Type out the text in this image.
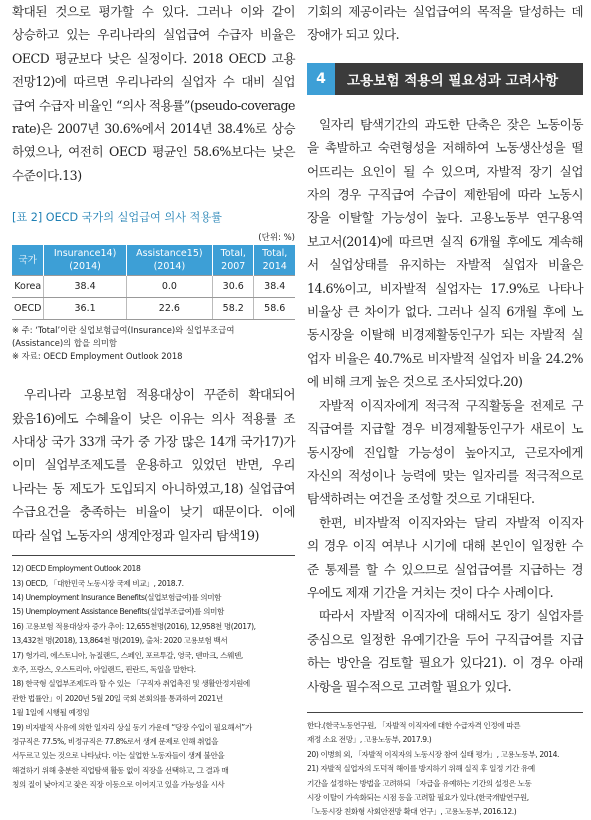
확대된 것으로 평가할 수 있다. 그러나 이와 같이
상승하고 있는 우리나라의 실업급여 수급자 비율은
OECD 평균보다 낮은 실정이다. 2018 OECD 고용
전망12)에 따르면 우리나라의 실업자 수 대비 실업
급여 수급자 비율인 “의사 적용률”(pseudo-coverage
rate)은 2007년 30.6%에서 2014년 38.4%로 상승
하였으나, 여전히 OECD 평균인 58.6%보다는 낮은
수준이다.13)
[표 2] OECD 국가의 실업급여 의사 적용률
(단위: %)
국가	Insurance14) (2014)	Assistance15) (2014)	Total, 2007	Total, 2014
Korea	38.4	0.0	30.6	38.4
OECD	36.1	22.6	58.2	58.6
※ 주: ‘Total’이란 실업보험급여(Insurance)와 실업부조급여
(Assistance)의 합을 의미함
※ 자료: OECD Employment Outlook 2018
우리나라 고용보험 적용대상이 꾸준히 확대되어
왔음16)에도 수혜율이 낮은 이유는 의사 적용률 조
사대상 국가 33개 국가 중 가장 많은 14개 국가17)가
이미 실업부조제도를 운용하고 있었던 반면, 우리
나라는 동 제도가 도입되지 아니하였고,18) 실업급여
수급요건을 충족하는 비율이 낮기 때문이다. 이에
따라 실업 노동자의 생계안정과 일자리 탐색19)
12) OECD Employment Outlook 2018
13) OECD, 「대한민국 노동시장 국제 비교」, 2018.7.
14) Unemployment Insurance Benefits(실업보험급여)를 의미함
15) Unemployment Assistance Benefits(실업부조급여)를 의미함
16) 고용보험 적용대상자 증가 추이: 12,655천명(2016), 12,958천 명(2017),
13,432천 명(2018), 13,864천 명(2019), 출처: 2020 고용보험 백서
17) 헝가리, 에스토니아, 뉴질랜드, 스페인, 포르투갈, 영국, 덴마크, 스웨덴,
호주, 프랑스, 오스트리아, 아일랜드, 핀란드, 독일을 말한다.
18) 한국형 실업부조제도라 할 수 있는 「구직자 취업촉진 및 생활안정지원에
관한 법률안」이 2020년 5월 20일 국회 본회의를 통과하여 2021년
1월 1일에 시행될 예정임
19) 비자발적 사유에 의한 일자리 상실 동기 가운데 “당장 수입이 필요해서”가
정규직은 77.5%, 비정규직은 77.8%로서 생계 문제로 인해 취업을
서두르고 있는 것으로 나타났다. 이는 실업한 노동자들이 생계 불안을
해결하기 위해 충분한 직업탐색 활동 없이 직장을 선택하고, 그 결과 매
칭의 질이 낮아지고 잦은 직장 이동으로 이어지고 있을 가능성을 시사
기회의 제공이라는 실업급여의 목적을 달성하는 데
장애가 되고 있다.
4	고용보험 적용의 필요성과 고려사항
일자리 탐색기간의 과도한 단축은 잦은 노동이동
을 촉발하고 숙련형성을 저해하여 노동생산성을 떨
어뜨리는 요인이 될 수 있으며, 자발적 장기 실업
자의 경우 구직급여 수급이 제한됨에 따라 노동시
장을 이탈할 가능성이 높다. 고용노동부 연구용역
보고서(2014)에 따르면 실직 6개월 후에도 계속해
서 실업상태를 유지하는 자발적 실업자 비율은
14.6%이고, 비자발적 실업자는 17.9%로 나타나
비율상 큰 차이가 없다. 그러나 실직 6개월 후에 노
동시장을 이탈해 비경제활동인구가 되는 자발적 실
업자 비율은 40.7%로 비자발적 실업자 비율 24.2%
에 비해 크게 높은 것으로 조사되었다.20)
자발적 이직자에게 적극적 구직활동을 전제로 구
직급여를 지급할 경우 비경제활동인구가 새로이 노
동시장에 진입할 가능성이 높아지고, 근로자에게
자신의 적성이나 능력에 맞는 일자리를 적극적으로
탐색하려는 여건을 조성할 것으로 기대된다.
한편, 비자발적 이직자와는 달리 자발적 이직자
의 경우 이직 여부나 시기에 대해 본인이 일정한 수
준 통제를 할 수 있으므로 실업급여를 지급하는 경
우에도 제재 기간을 거치는 것이 다수 사례이다.
따라서 자발적 이직자에 대해서도 장기 실업자를
중심으로 일정한 유예기간을 두어 구직급여를 지급
하는 방안을 검토할 필요가 있다21). 이 경우 아래
사항을 필수적으로 고려할 필요가 있다.
한다.(한국노동연구원, 「자발적 이직자에 대한 수급자격 인정에 따른
재정 소요 전망」, 고용노동부, 2017.9.)
20) 이병희 외, 「자발적 이직자의 노동시장 참여 실태 평가」, 고용노동부, 2014.
21) 자발적 실업자의 도덕적 해이를 방지하기 위해 실직 후 일정 기간 유예
기간을 설정하는 방법을 고려하되 「자급을 유예하는 기간의 설정은 노동
시장 이탈이 가속화되는 시점 등을 고려할 필요가 있다.(한국개발연구원,
「노동시장 친화형 사회안전망 확대 연구」, 고용노동부, 2016.12.)
